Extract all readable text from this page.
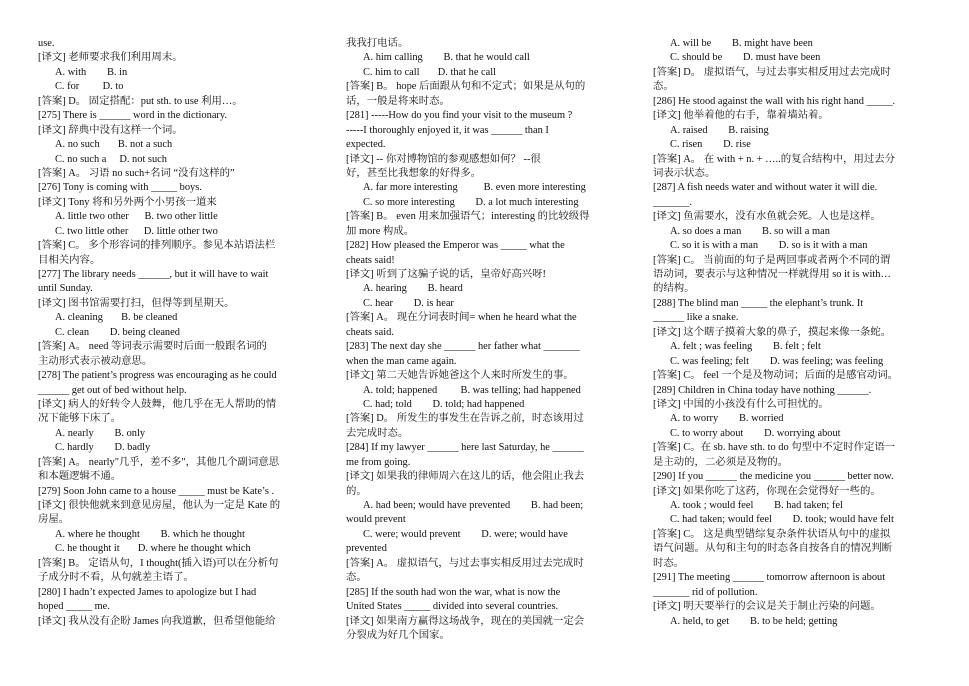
use.
[译文] 老师要求我们利用周末。
A. with        B. in
C. for         D. to
[答案] D。 固定搭配：put sth. to use 利用…。
[275] There is ______ word in the dictionary.
[译文] 辞典中没有这样一个词。
A. no such       B. not a such
C. no such a     D. not such
[答案] A。 习语 no such+名词 “没有这样的”
[276] Tony is coming with _____ boys.
[译文] Tony 将和另外两个小男孩一道来
A. little two other      B. two other little
C. two little other      D. little other two
[答案] C。 多个形容词的排列顺序。参见本站语法栏
目相关内容。
[277] The library needs ______, but it will have to wait
until Sunday.
[译文] 图书馆需要打扫，但得等到星期天。
A. cleaning       B. be cleaned
C. clean        D. being cleaned
[答案] A。 need 等词表示需要时后面一般跟名词的
主动形式表示被动意思。
[278] The patient’s progress was encouraging as he could
______ get out of bed without help.
[译文] 病人的好转令人鼓舞，他几乎在无人帮助的情
况下能够下床了。
A. nearly        B. only
C. hardly        D. badly
[答案] A。 nearly"几乎，差不多"，其他几个副词意思
和本题逻辑不通。
[279] Soon John came to a house _____ must be Kate’s .
[译文] 很快他就来到意见房屋，他认为一定是 Kate 的
房屋。
A. where he thought        B. which he thought
C. he thought it       D. where he thought which
[答案] B。 定语从句，I thought(插入语)可以在分析句
子成分时不看，从句就差主语了。
[280] I hadn’t expected James to apologize but I had
hoped _____ me.
[译文] 我从没有企盼 James 向我道歉，但希望他能给
我我打电话。
A. him calling        B. that he would call
C. him to call       D. that he call
[答案] B。 hope 后面跟从句和不定式；如果是从句的
话，一般是将来时态。
[281] -----How do you find your visit to the museum ?
-----I thoroughly enjoyed it, it was ______ than I
expected.
[译文] -- 你对博物馆的参观感想如何？ --很
好，甚至比我想象的好得多。
A. far more interesting          B. even more interesting
C. so more interesting        D. a lot much interesting
[答案] B。 even 用来加强语气；interesting 的比较级得
加 more 构成。
[282] How pleased the Emperor was _____ what the
cheats said!
[译文] 听到了这骗子说的话，皇帝好高兴呀!
A. hearing        B. heard
C. hear        D. is hear
[答案] A。 现在分词表时间= when he heard what the
cheats said.
[283] The next day she ______ her father what _______
when the man came again.
[译文] 第二天她告诉她爸这个人来时所发生的事。
A. told; happened         B. was telling; had happened
C. had; told        D. told; had happened
[答案] D。 所发生的事发生在告诉之前，时态该用过
去完成时态。
[284] If my lawyer ______ here last Saturday, he ______
me from going.
[译文] 如果我的律师周六在这儿的话，他会阻止我去
的。
A. had been; would have prevented        B. had been;
would prevent
C. were; would prevent        D. were; would have
prevented
[答案] A。 虚拟语气，与过去事实相反用过去完成时
态。
[285] If the south had won the war, what is now the
United States _____ divided into several countries.
[译文] 如果南方赢得这场战争，现在的美国就一定会
分裂成为好几个国家。
A. will be        B. might have been
C. should be        D. must have been
[答案] D。 虚拟语气，与过去事实相反用过去完成时
态。
[286] He stood against the wall with his right hand _____.
[译文] 他举着他的右手，靠着墙站着。
A. raised        B. raising
C. risen        D. rise
[答案] A。 在 with + n. + …..的复合结构中，用过去分
词表示状态。
[287] A fish needs water and without water it will die.
_______.
[译文] 鱼需要水，没有水鱼就会死。人也是这样。
A. so does a man        B. so will a man
C. so it is with a man        D. so is it with a man
[答案] C。 当前面的句子是两回事或者两个不同的谓
语动词，要表示与这种情况一样就得用 so it is with…
的结构。
[288] The blind man _____ the elephant’s trunk. It
______ like a snake.
[译文] 这个瞎子摸着大象的鼻子，摸起来像一条蛇。
A. felt ; was feeling        B. felt ; felt
C. was feeling; felt        D. was feeling; was feeling
[答案] C。 feel 一个是及物动词；后面的是感官动词。
[289] Children in China today have nothing ______.
[译文] 中国的小孩没有什么可担忧的。
A. to worry        B. worried
C. to worry about        D. worrying about
[答案] C。在 sb. have sth. to do 句型中不定时作定语一
是主动的，二必须是及物的。
[290] If you ______ the medicine you ______ better now.
[译文] 如果你吃了这药，你现在会觉得好一些的。
A. took ; would feel        B. had taken; fel
C. had taken; would feel        D. took; would have felt
[答案] C。 这是典型错综复杂条件状语从句中的虚拟
语气问题。从句和主句的时态各自按各自的情况判断
时态。
[291] The meeting ______ tomorrow afternoon is about
_______ rid of pollution.
[译文] 明天要举行的会议是关于制止污染的问题。
A. held, to get        B. to be held; getting
